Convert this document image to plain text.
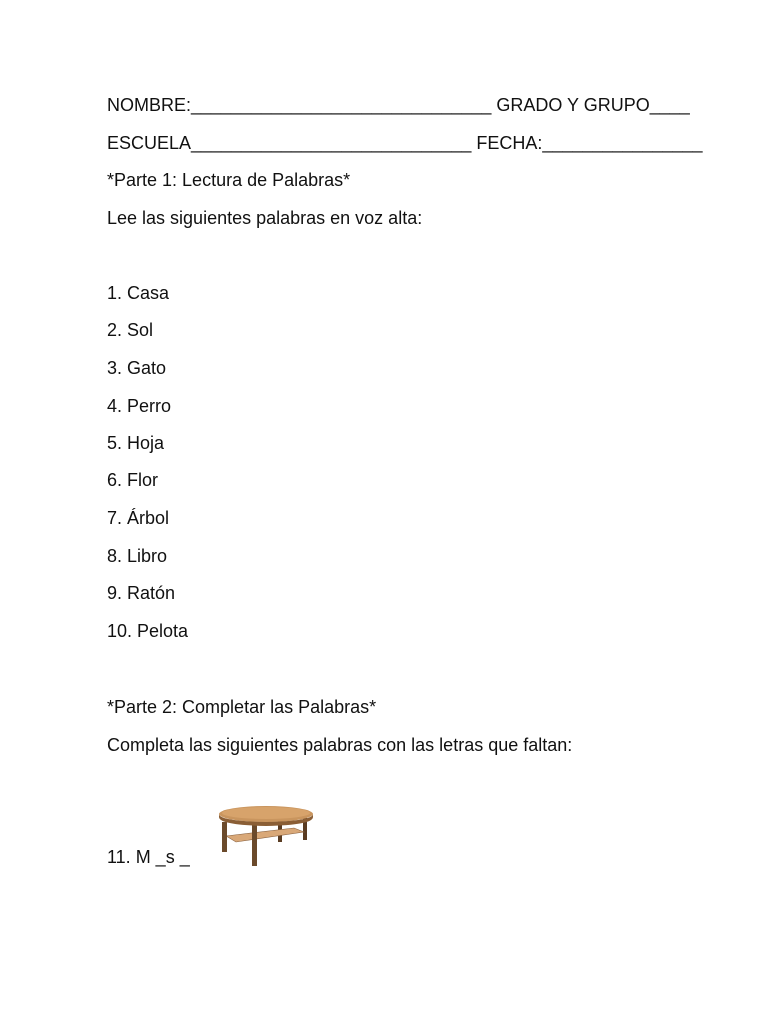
NOMBRE:______________________________ GRADO Y GRUPO____
ESCUELA____________________________ FECHA:________________
*Parte 1: Lectura de Palabras*
Lee las siguientes palabras en voz alta:
1. Casa
2. Sol
3. Gato
4. Perro
5. Hoja
6. Flor
7. Árbol
8. Libro
9. Ratón
10. Pelota
*Parte 2: Completar las Palabras*
Completa las siguientes palabras con las letras que faltan:
11. M _s _
